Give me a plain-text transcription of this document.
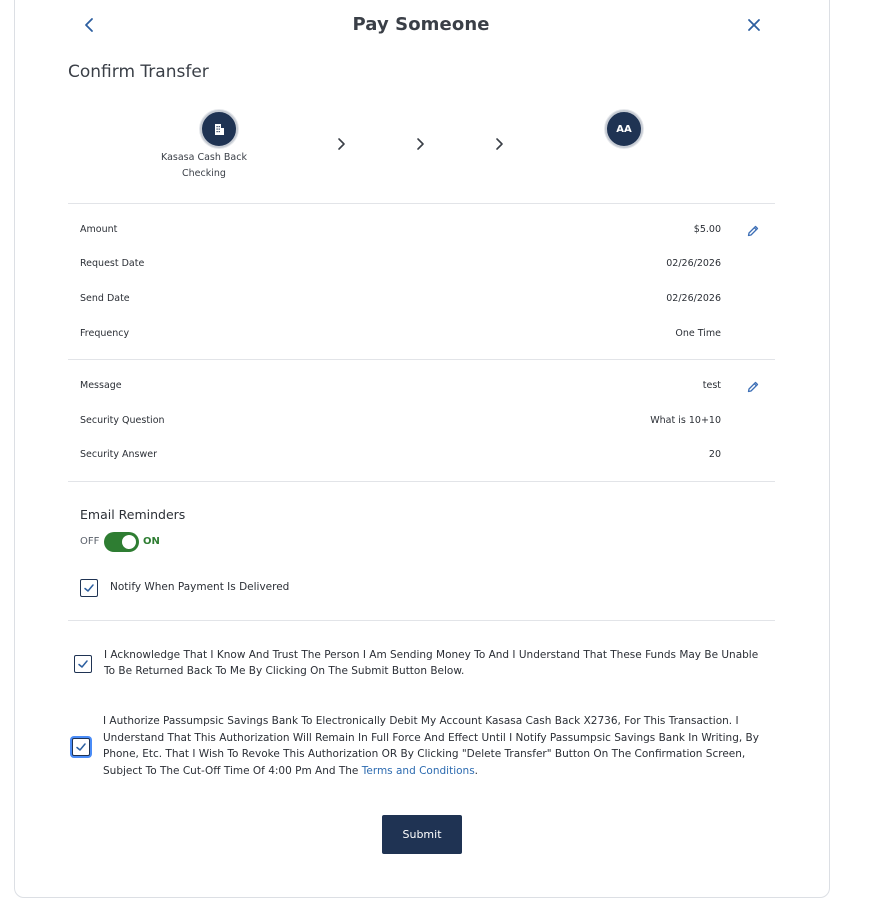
Pay Someone
Confirm Transfer
Kasasa Cash Back Checking
AA
Amount	$5.00
Request Date	02/26/2026
Send Date	02/26/2026
Frequency	One Time
Message	test
Security Question	What is 10+10
Security Answer	20
Email Reminders
OFF	ON
Notify When Payment Is Delivered
I Acknowledge That I Know And Trust The Person I Am Sending Money To And I Understand That These Funds May Be Unable To Be Returned Back To Me By Clicking On The Submit Button Below.
I Authorize Passumpsic Savings Bank To Electronically Debit My Account Kasasa Cash Back X2736, For This Transaction. I Understand That This Authorization Will Remain In Full Force And Effect Until I Notify Passumpsic Savings Bank In Writing, By Phone, Etc. That I Wish To Revoke This Authorization OR By Clicking "Delete Transfer" Button On The Confirmation Screen, Subject To The Cut-Off Time Of 4:00 Pm And The Terms and Conditions.
Submit
